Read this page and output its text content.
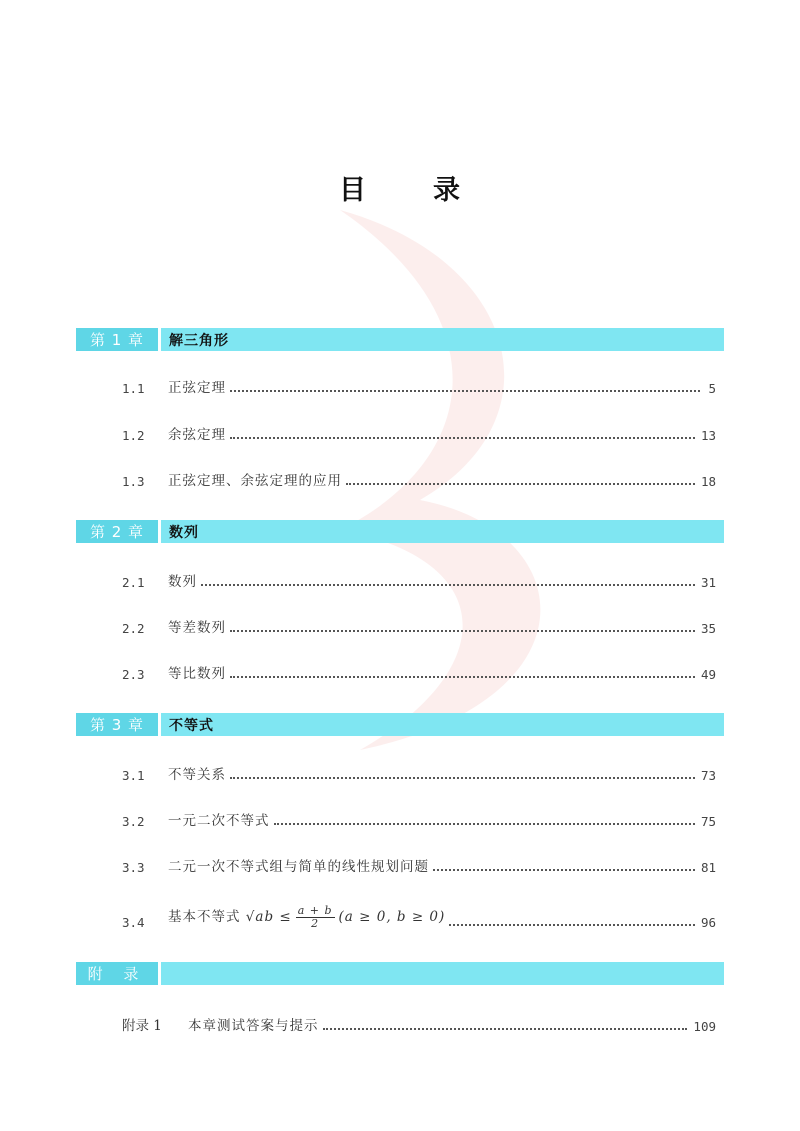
目 录
第 1 章	解三角形
1.1	正弦定理	5
1.2	余弦定理	13
1.3	正弦定理、余弦定理的应用	18
第 2 章	数列
2.1	数列	31
2.2	等差数列	35
2.3	等比数列	49
第 3 章	不等式
3.1	不等关系	73
3.2	一元二次不等式	75
3.3	二元一次不等式组与简单的线性规划问题	81
3.4	基本不等式 $√ab \le \frac{a + b}{2} (a \ge 0$, b ≥ 0)	96
附 录
附录 1	本章测试答案与提示	109
